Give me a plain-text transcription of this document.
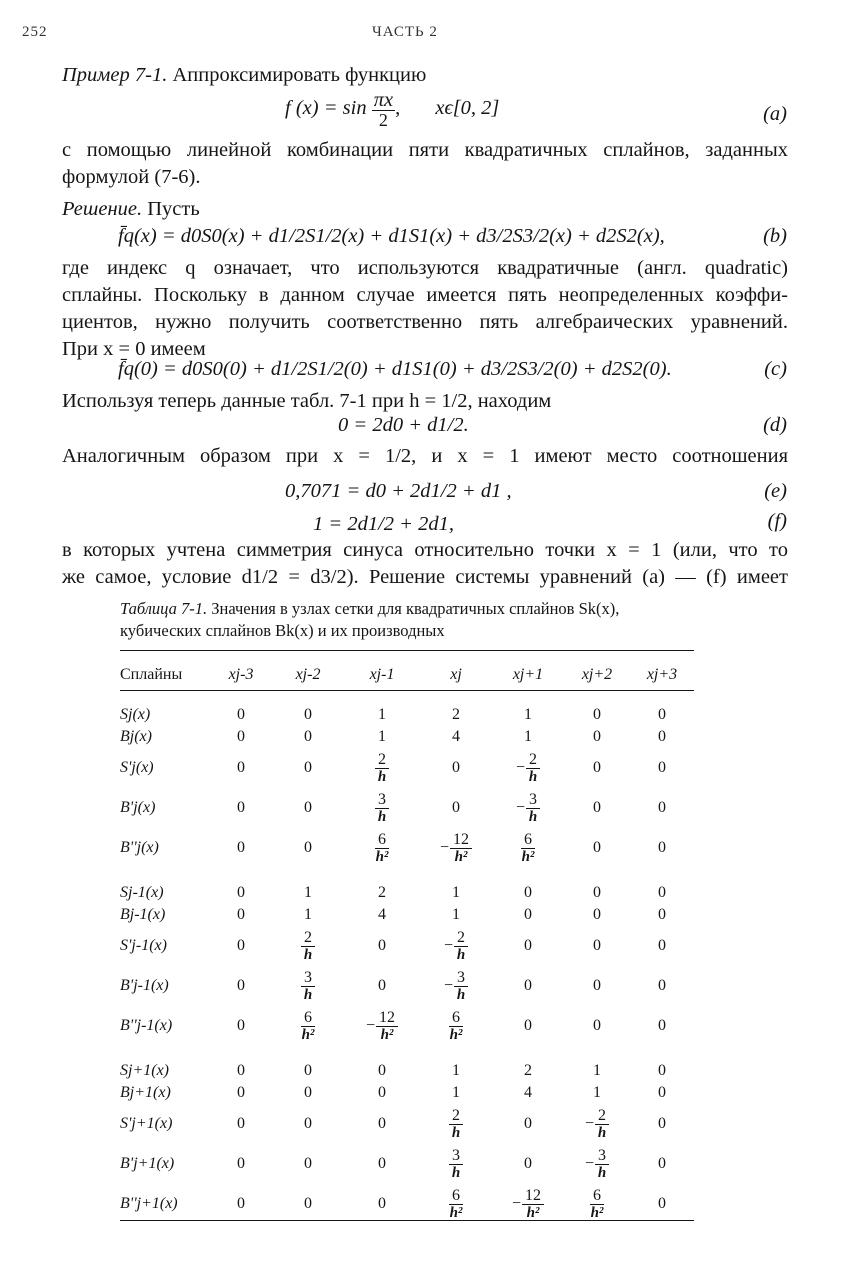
252	ЧАСТЬ 2
Пример 7-1. Аппроксимировать функцию
f $(x) = \sin \frac{\pi x}{2}$ , xϵ[0, 2]	(a)
с помощью линейной комбинации пяти квадратичных сплайнов, заданных
формулой (7-6).
Решение. Пусть
f̄q(x) = d0S0(x) + d1/2S1/2(x) + d1S1(x) + d3/2S3/2(x) + d2S2(x),	(b)
где индекс q означает, что используются квадратичные (англ. quadratic)
сплайны. Поскольку в данном случае имеется пять неопределенных коэффи-
циентов, нужно получить соответственно пять алгебраических уравнений.
При x = 0 имеем
f̄q(0) = d0S0(0) + d1/2S1/2(0) + d1S1(0) + d3/2S3/2(0) + d2S2(0).	(c)
Используя теперь данные табл. 7-1 при h = 1/2, находим
0 = 2d0 + d1/2.	(d)
Аналогичным образом при x = 1/2, и x = 1 имеют место соотношения
0,7071 = d0 + 2d1/2 + d1 ,	(e)
1 = 2d1/2 + 2d1,	(f)
в которых учтена симметрия синуса относительно точки x = 1 (или, что то
же самое, условие d1/2 = d3/2). Решение системы уравнений (a) — (f) имеет
Таблица 7-1. Значения в узлах сетки для квадратичных сплайнов Sk(x),
кубических сплайнов Bk(x) и их производных
Сплайны	xj-3	xj-2	xj-1	xj	xj+1	xj+2	xj+3
Sj(x)	0	0	1	2	1	0	0
Bj(x)	0	0	1	4	1	0	0
S'j(x)	0	0	$\frac{2}{h}$	0	− $\frac{2}{h}$	0	0
B'j(x)	0	0	$\frac{3}{h}$	0	− $\frac{3}{h}$	0	0
B''j(x)	0	0	$\frac{6}{\text{h²}}$	− $\frac{12}{\text{h²}}$	$\frac{6}{\text{h²}}$	0	0
Sj-1(x)	0	1	2	1	0	0	0
Bj-1(x)	0	1	4	1	0	0	0
S'j-1(x)	0	$\frac{2}{h}$	0	− $\frac{2}{h}$	0	0	0
B'j-1(x)	0	$\frac{3}{h}$	0	− $\frac{3}{h}$	0	0	0
B''j-1(x)	0	$\frac{6}{\text{h²}}$	− $\frac{12}{\text{h²}}$	$\frac{6}{\text{h²}}$	0	0	0
Sj+1(x)	0	0	0	1	2	1	0
Bj+1(x)	0	0	0	1	4	1	0
S'j+1(x)	0	0	0	$\frac{2}{h}$	0	− $\frac{2}{h}$	0
B'j+1(x)	0	0	0	$\frac{3}{h}$	0	− $\frac{3}{h}$	0
B''j+1(x)	0	0	0	$\frac{6}{\text{h²}}$	− $\frac{12}{\text{h²}}$	$\frac{6}{\text{h²}}$	0
